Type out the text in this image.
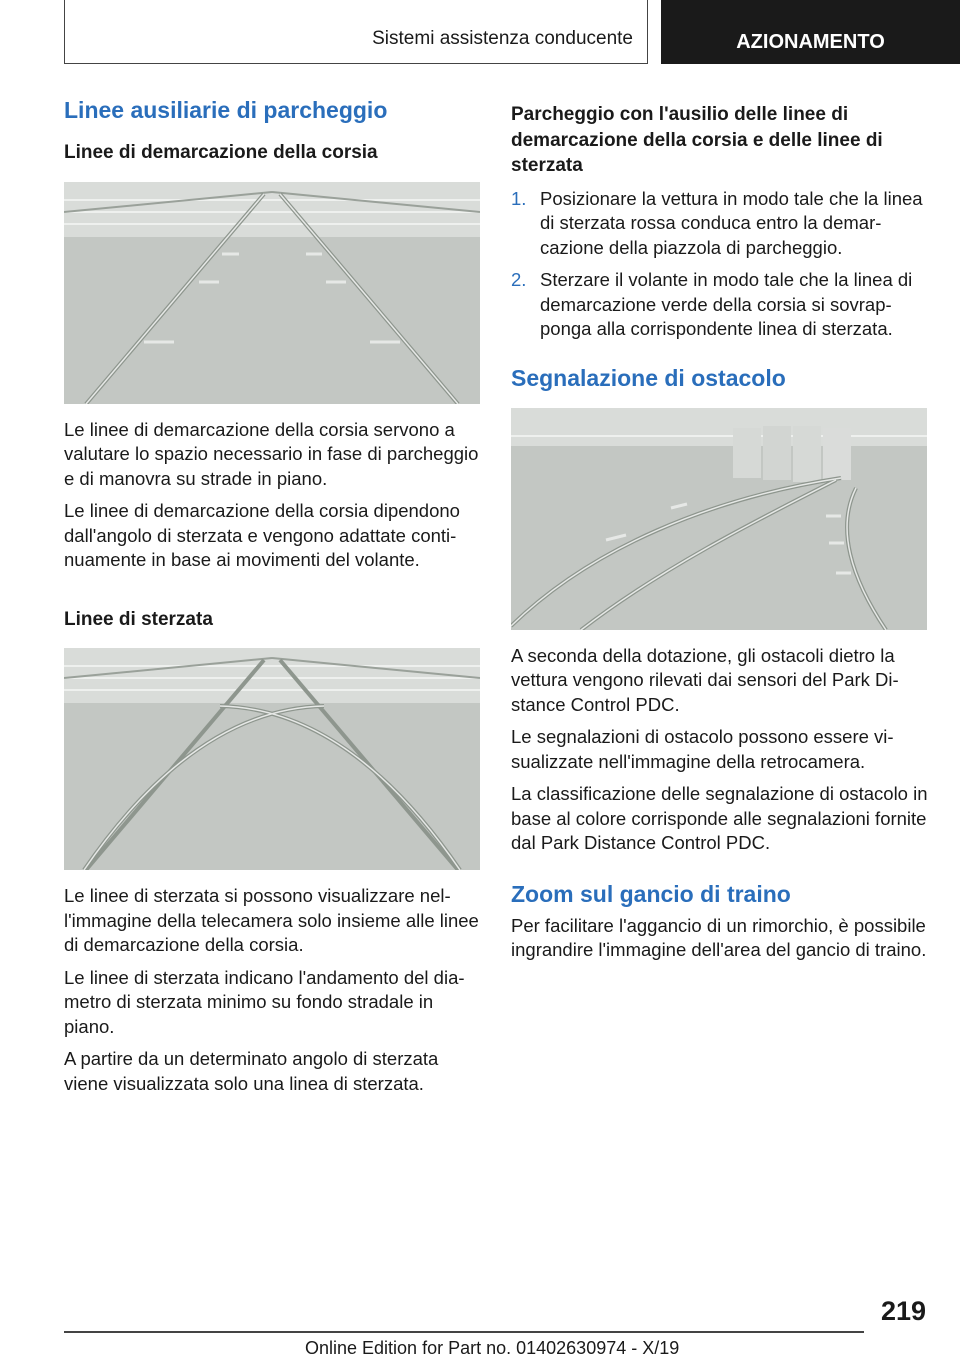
Sistemi assistenza conducente	AZIONAMENTO
Linee ausiliarie di parcheggio
Linee di demarcazione della corsia

Le linee di demarcazione della corsia servono a valutare lo spazio necessario in fase di parcheggio e di manovra su strade in piano.

Le linee di demarcazione della corsia dipendono dall'angolo di sterzata e vengono adattate continuamente in base ai movimenti del volante.

Linee di sterzata

Le linee di sterzata si possono visualizzare nell'immagine della telecamera solo insieme alle linee di demarcazione della corsia.

Le linee di sterzata indicano l'andamento del diametro di sterzata minimo su fondo stradale in piano.

A partire da un determinato angolo di sterzata viene visualizzata solo una linea di sterzata.

Parcheggio con l'ausilio delle linee di demarcazione della corsia e delle linee di sterzata
1. Posizionare la vettura in modo tale che la linea di sterzata rossa conduca entro la demarcazione della piazzola di parcheggio.
2. Sterzare il volante in modo tale che la linea di demarcazione verde della corsia si sovrapponga alla corrispondente linea di sterzata.
Segnalazione di ostacolo

A seconda della dotazione, gli ostacoli dietro la vettura vengono rilevati dai sensori del Park Distance Control PDC.

Le segnalazioni di ostacolo possono essere visualizzate nell'immagine della retrocamera.

La classificazione delle segnalazione di ostacolo in base al colore corrisponde alle segnalazioni fornite dal Park Distance Control PDC.

Zoom sul gancio di traino

Per facilitare l'aggancio di un rimorchio, è possibile ingrandire l'immagine dell'area del gancio di traino.

219
Online Edition for Part no. 01402630974 - X/19
